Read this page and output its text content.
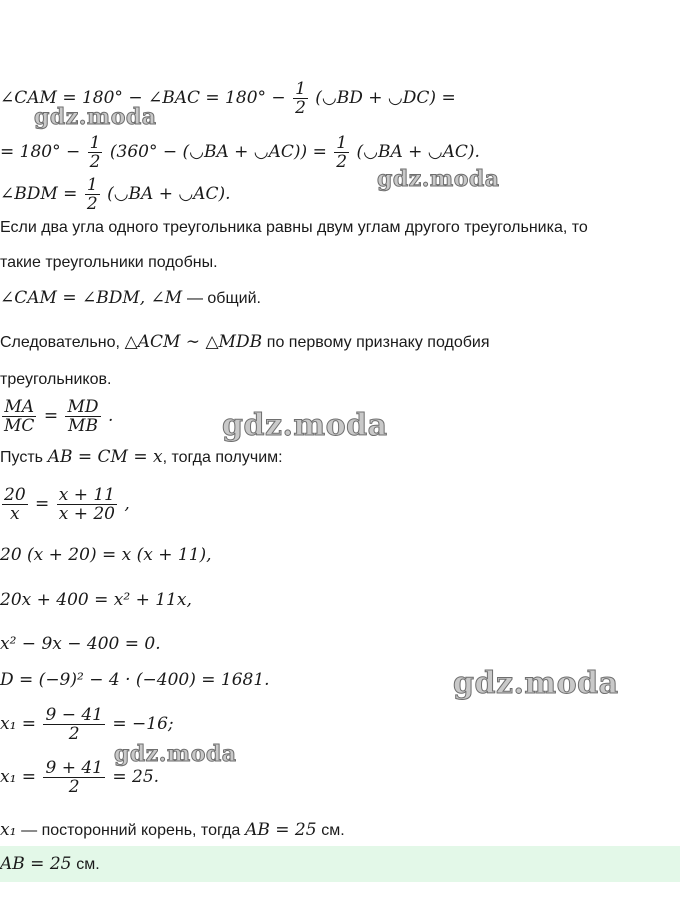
∠CAM = 180° − ∠BAC = $180^\circ - \frac{1}{2}$ (◡BD + ◡DC) =
= $180^\circ - \frac{1}{2} (360^\circ$ − (◡BA + ◡AC)) = $\frac{1}{2}$ (◡BA + ◡AC).
∠BDM = $\frac{1}{2}$ (◡BA + ◡AC).
Если два угла одного треугольника равны двум углам другого треугольника, то
такие треугольники подобны.
∠CAM = ∠BDM, ∠M — общий.
Следовательно, △ACM ∼ △MDB по первому признаку подобия
треугольников.
$\frac{MA}{MC} = \frac{MD}{MB}$ .
Пусть AB = CM = x, тогда получим:
$\frac{20}{x} = \frac{x + 11}{x + 20}$ ,
20 (x + 20) = x (x + 11),
20x + 400 = x² + 11x,
x² − 9x − 400 = 0.
D = (−9)² − 4 · (−400) = 1681.
$x_1 = \frac{9 - 41}{2} = -16$;
$x_1 = \frac{9 + 41}{2} = 25$.
x₁ — посторонний корень, тогда AB = 25 см.
AB = 25 см.
gdz.moda
gdz.moda
gdz.moda
gdz.moda
gdz.moda
